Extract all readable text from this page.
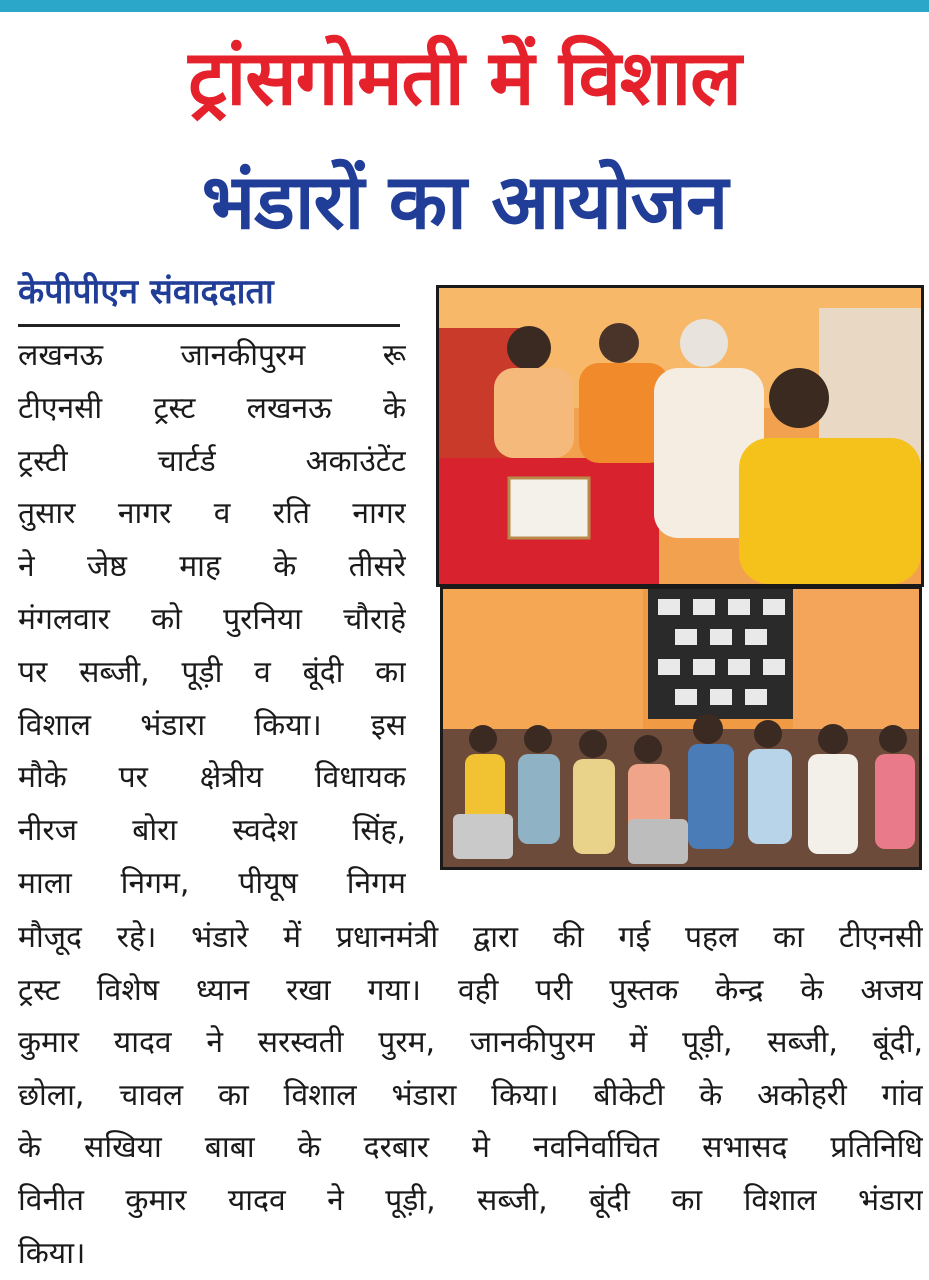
ट्रांसगोमती में विशाल
भंडारों का आयोजन
केपीपीएन संवाददाता
लखनऊ जानकीपुरम रू
टीएनसी ट्रस्ट लखनऊ के
ट्रस्टी चार्टर्ड अकाउंटेंट
तुसार नागर व रति नागर
ने जेष्ठ माह के तीसरे
मंगलवार को पुरनिया चौराहे
पर सब्जी, पूड़ी व बूंदी का
विशाल भंडारा किया। इस
मौके पर क्षेत्रीय विधायक
नीरज बोरा स्वदेश सिंह,
माला निगम, पीयूष निगम
मौजूद रहे। भंडारे में प्रधानमंत्री द्वारा की गई पहल का टीएनसी
ट्रस्ट विशेष ध्यान रखा गया। वही परी पुस्तक केन्द्र के अजय
कुमार यादव ने सरस्वती पुरम, जानकीपुरम में पूड़ी, सब्जी, बूंदी,
छोला, चावल का विशाल भंडारा किया। बीकेटी के अकोहरी गांव
के सखिया बाबा के दरबार मे नवनिर्वाचित सभासद प्रतिनिधि
विनीत कुमार यादव ने पूड़ी, सब्जी, बूंदी का विशाल भंडारा
किया।
